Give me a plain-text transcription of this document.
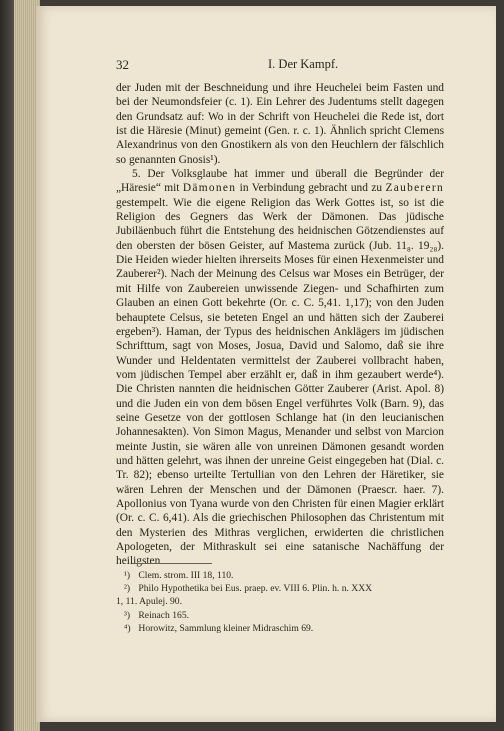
32	I. Der Kampf.

der Juden mit der Beschneidung und ihre Heuchelei beim Fasten und bei der Neumondsfeier (c. 1). Ein Lehrer des Judentums stellt dagegen den Grundsatz auf: Wo in der Schrift von Heuchelei die Rede ist, dort ist die Häresie (Minut) gemeint (Gen. r. c. 1). Ähnlich spricht Clemens Alexandrinus von den Gnostikern als von den Heuchlern der fälschlich so genannten Gnosis¹).

5. Der Volksglaube hat immer und überall die Begründer der „Häresie“ mit Dämonen in Verbindung gebracht und zu Zauberern gestempelt. Wie die eigene Religion das Werk Gottes ist, so ist die Religion des Gegners das Werk der Dämonen. Das jüdische Jubiläenbuch führt die Entstehung des heidnischen Götzendienstes auf den obersten der bösen Geister, auf Mastema zurück (Jub. 11₈. 19₂₈). Die Heiden wieder hielten ihrerseits Moses für einen Hexenmeister und Zauberer²). Nach der Meinung des Celsus war Moses ein Betrüger, der mit Hilfe von Zaubereien unwissende Ziegen- und Schafhirten zum Glauben an einen Gott bekehrte (Or. c. C. 5,41. 1,17); von den Juden behauptete Celsus, sie beteten Engel an und hätten sich der Zauberei ergeben³). Haman, der Typus des heidnischen Anklägers im jüdischen Schrifttum, sagt von Moses, Josua, David und Salomo, daß sie ihre Wunder und Heldentaten vermittelst der Zauberei vollbracht haben, vom jüdischen Tempel aber erzählt er, daß in ihm gezaubert werde⁴). Die Christen nannten die heidnischen Götter Zauberer (Arist. Apol. 8) und die Juden ein von dem bösen Engel verführtes Volk (Barn. 9), das seine Gesetze von der gottlosen Schlange hat (in den leucianischen Johannesakten). Von Simon Magus, Menander und selbst von Marcion meinte Justin, sie wären alle von unreinen Dämonen gesandt worden und hätten gelehrt, was ihnen der unreine Geist eingegeben hat (Dial. c. Tr. 82); ebenso urteilte Tertullian von den Lehren der Häretiker, sie wären Lehren der Menschen und der Dämonen (Praescr. haer. 7). Apollonius von Tyana wurde von den Christen für einen Magier erklärt (Or. c. C. 6,41). Als die griechischen Philosophen das Christentum mit den Mysterien des Mithras verglichen, erwiderten die christlichen Apologeten, der Mithraskult sei eine satanische Nachäffung der heiligsten

¹) Clem. strom. III 18, 110.

²) Philo Hypothetika bei Eus. praep. ev. VIII 6. Plin. h. n. XXX

1, 11. Apulej. 90.

³) Reinach 165.

⁴) Horowitz, Sammlung kleiner Midraschim 69.
